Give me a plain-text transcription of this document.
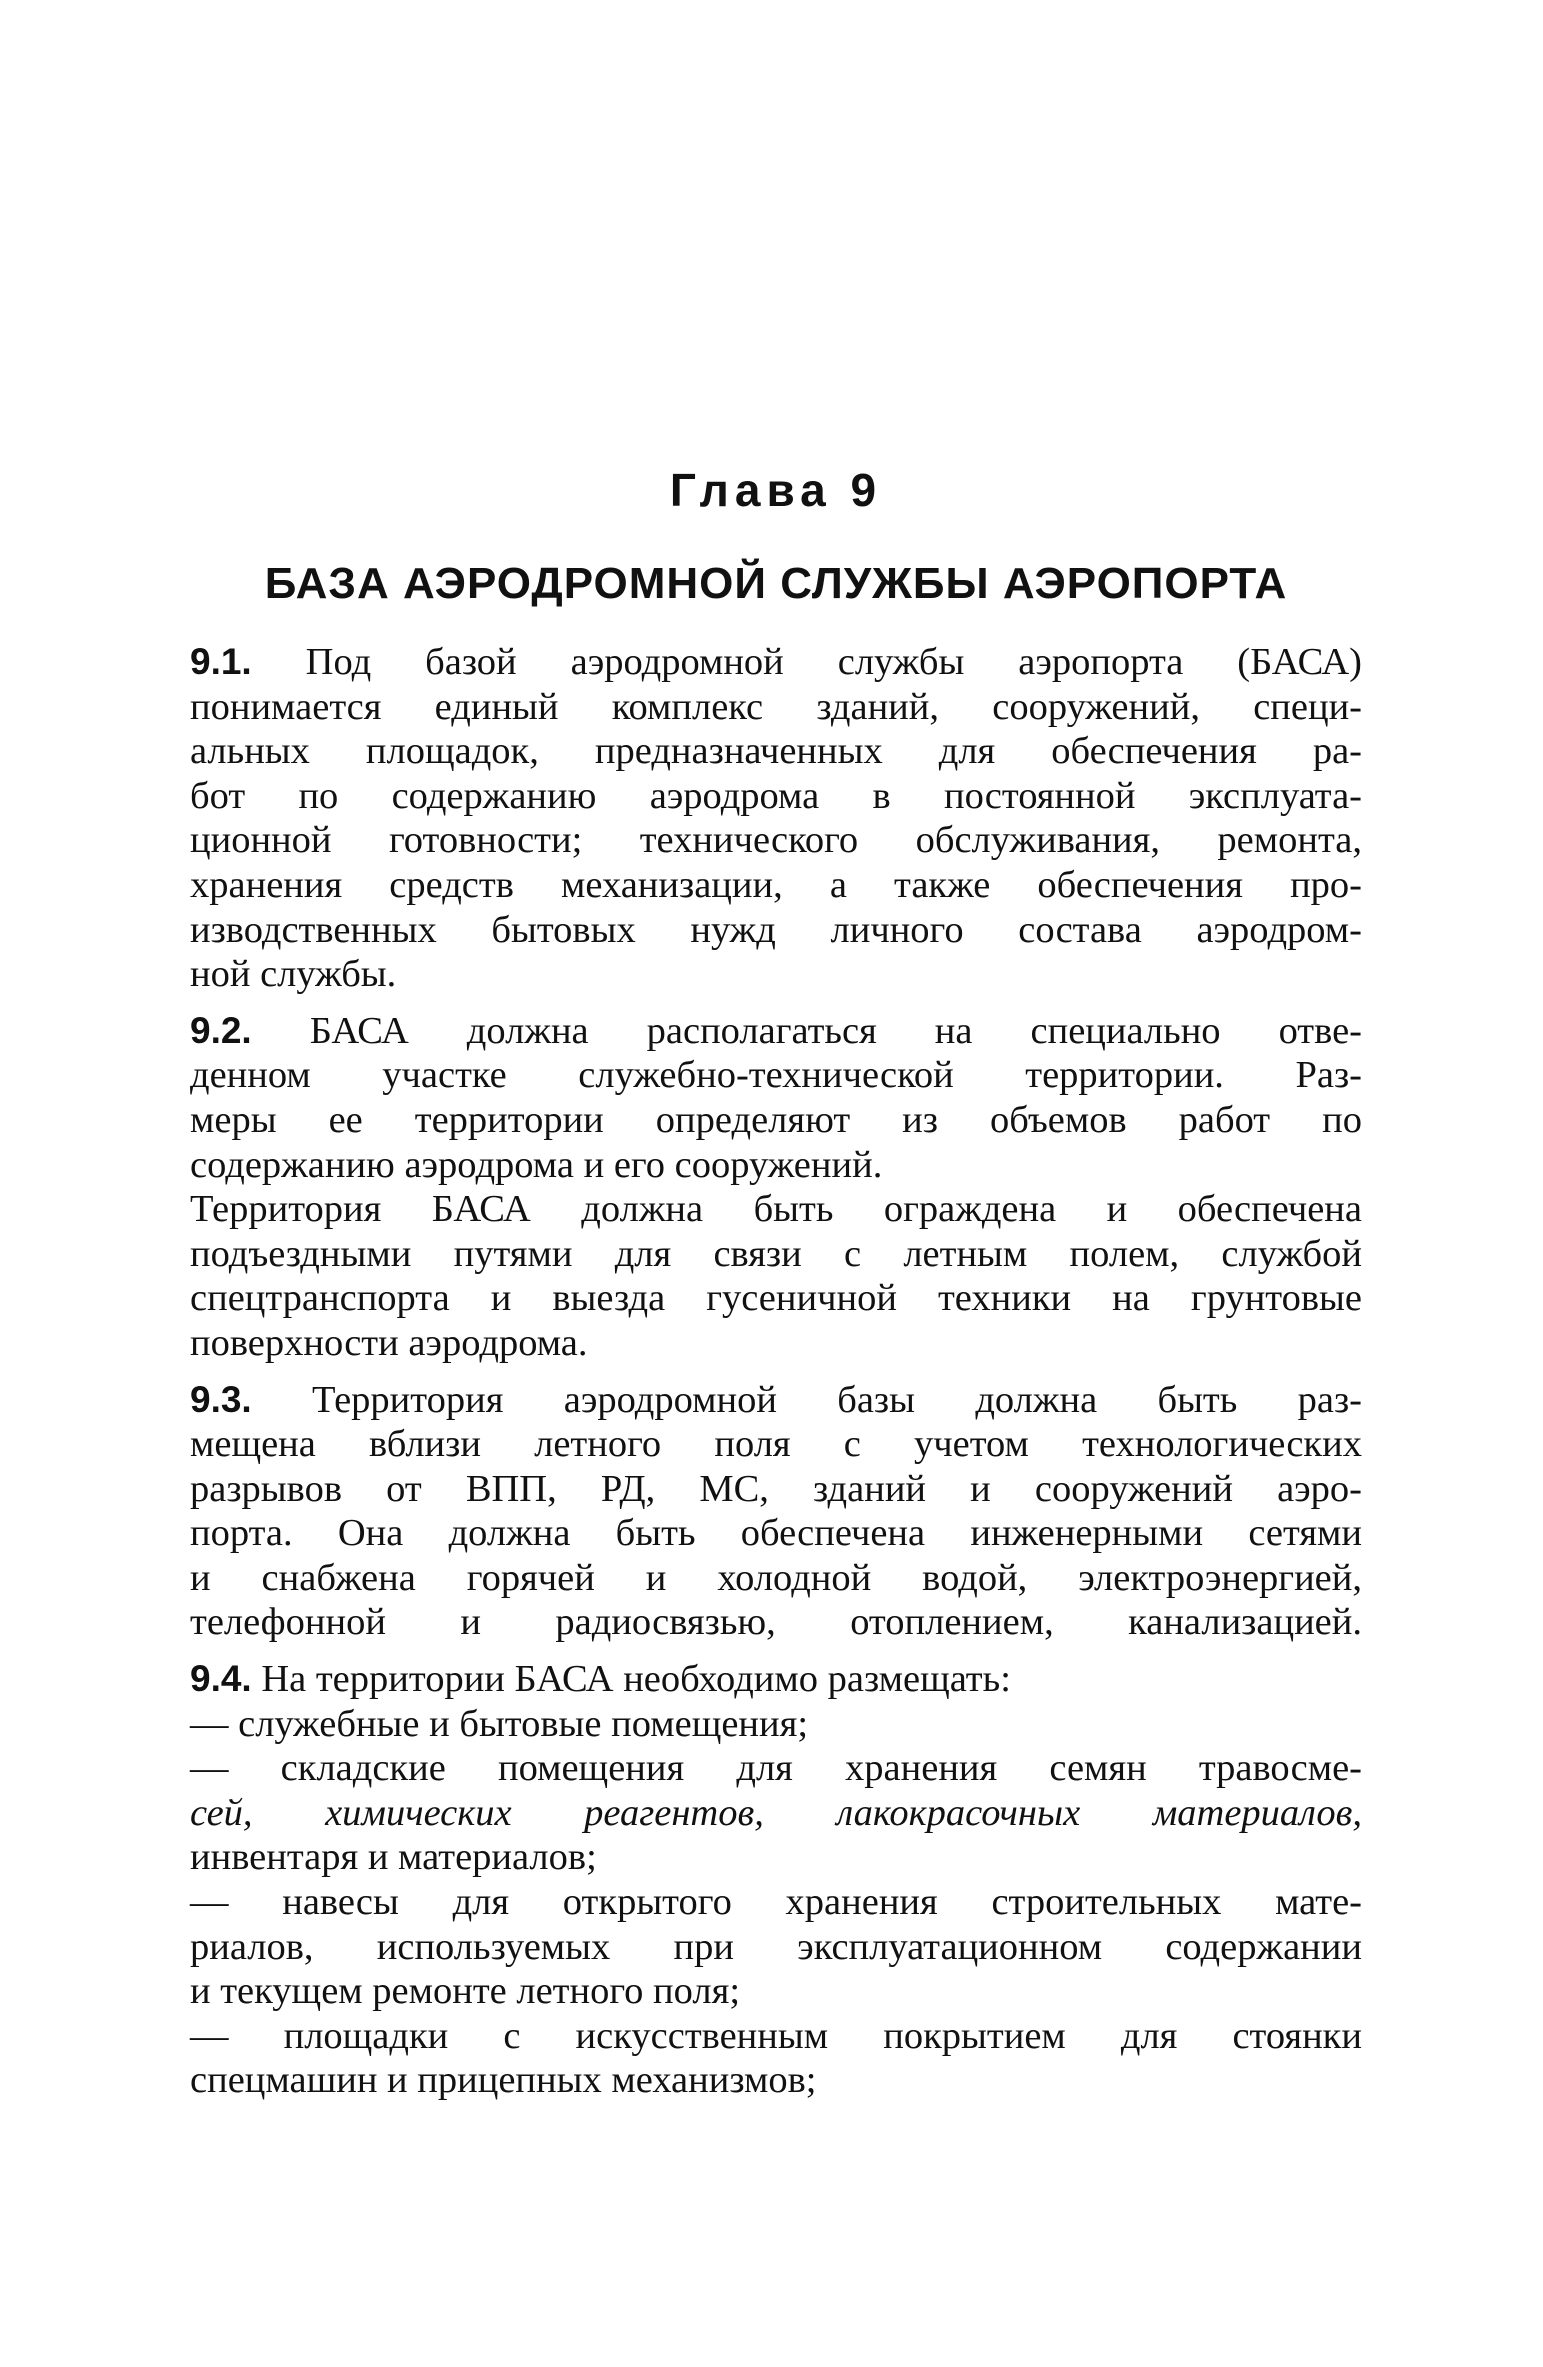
Глава 9
БАЗА АЭРОДРОМНОЙ СЛУЖБЫ АЭРОПОРТА

9.1. Под базой аэродромной службы аэропорта (БАСА)
понимается единый комплекс зданий, сооружений, специ-
альных площадок, предназначенных для обеспечения ра-
бот по содержанию аэродрома в постоянной эксплуата-
ционной готовности; технического обслуживания, ремонта,
хранения средств механизации, а также обеспечения про-
изводственных бытовых нужд личного состава аэродром-
ной службы.

9.2. БАСА должна располагаться на специально отве-
денном участке служебно-технической территории. Раз-
меры ее территории определяют из объемов работ по
содержанию аэродрома и его сооружений.

Территория БАСА должна быть ограждена и обеспечена
подъездными путями для связи с летным полем, службой
спецтранспорта и выезда гусеничной техники на грунтовые
поверхности аэродрома.

9.3. Территория аэродромной базы должна быть раз-
мещена вблизи летного поля с учетом технологических
разрывов от ВПП, РД, МС, зданий и сооружений аэро-
порта. Она должна быть обеспечена инженерными сетями
и снабжена горячей и холодной водой, электроэнергией,
телефонной и радиосвязью, отоплением, канализацией.

9.4. На территории БАСА необходимо размещать:

— служебные и бытовые помещения;

— складские помещения для хранения семян травосме-
сей, химических реагентов, лакокрасочных материалов,
инвентаря и материалов;

— навесы для открытого хранения строительных мате-
риалов, используемых при эксплуатационном содержании
и текущем ремонте летного поля;

— площадки с искусственным покрытием для стоянки
спецмашин и прицепных механизмов;
